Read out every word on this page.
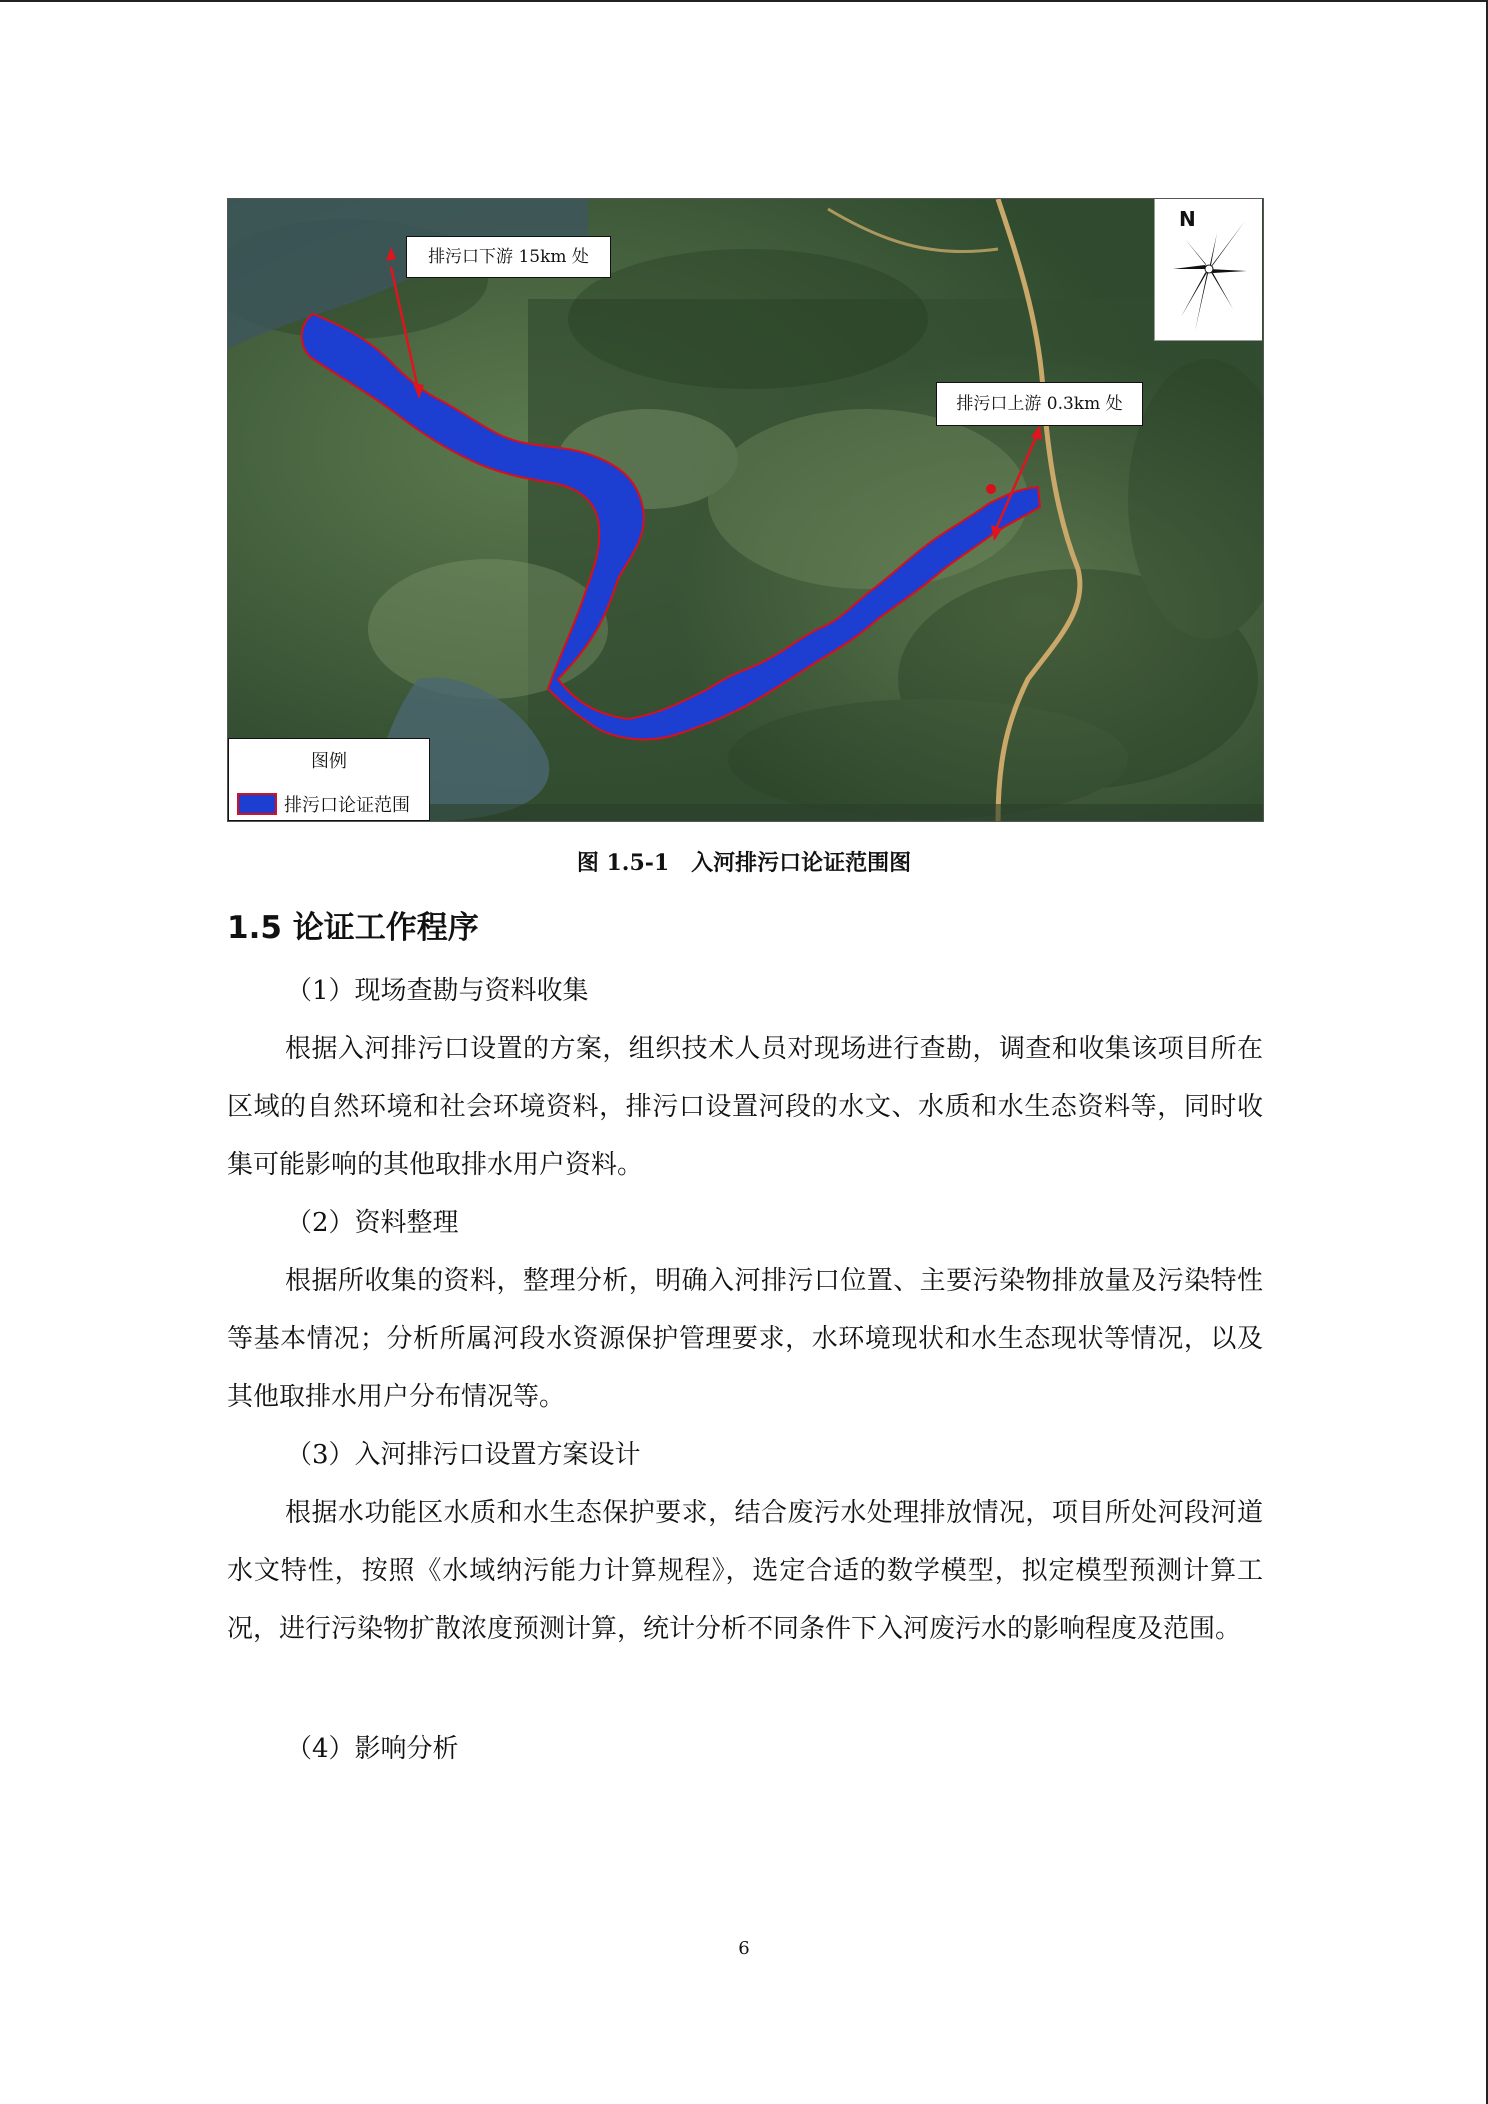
排污口下游 15km 处
排污口上游 0.3km 处
N
图例
排污口论证范围
图 1.5-1　入河排污口论证范围图
1.5 论证工作程序
（1）现场查勘与资料收集

根据入河排污口设置的方案，组织技术人员对现场进行查勘，调查和收集该项目所在区域的自然环境和社会环境资料，排污口设置河段的水文、水质和水生态资料等，同时收集可能影响的其他取排水用户资料。

（2）资料整理

根据所收集的资料，整理分析，明确入河排污口位置、主要污染物排放量及污染特性等基本情况；分析所属河段水资源保护管理要求，水环境现状和水生态现状等情况，以及其他取排水用户分布情况等。

（3）入河排污口设置方案设计

根据水功能区水质和水生态保护要求，结合废污水处理排放情况，项目所处河段河道水文特性，按照《水域纳污能力计算规程》，选定合适的数学模型，拟定模型预测计算工况，进行污染物扩散浓度预测计算，统计分析不同条件下入河废污水的影响程度及范围。

（4）影响分析
6
